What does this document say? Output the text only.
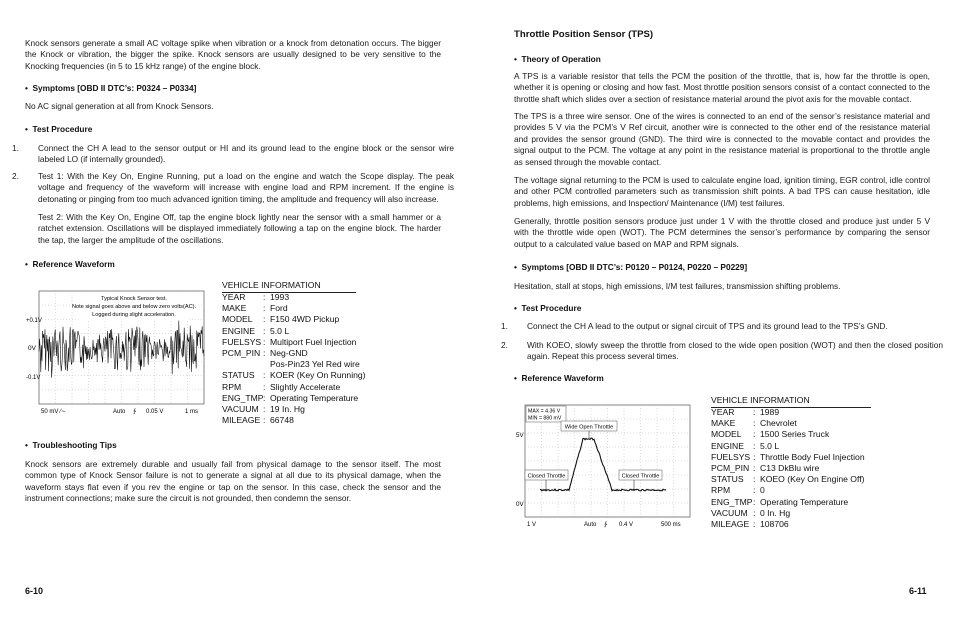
Knock sensors generate a small AC voltage spike when vibration or a knock from detonation occurs. The bigger the Knock or vibration, the bigger the spike. Knock sensors are usually designed to be very sensitive to the Knocking frequencies (in 5 to 15 kHz range) of the engine block.

•  Symptoms [OBD II DTC’s: P0324 – P0334]

No AC signal generation at all from Knock Sensors.

•  Test Procedure

1. Connect the CH A lead to the sensor output or HI and its ground lead to the engine block or the sensor wire labeled LO (if internally grounded).

2. Test 1: With the Key On, Engine Running, put a load on the engine and watch the Scope display. The peak voltage and frequency of the waveform will increase with engine load and RPM increment. If the engine is detonating or pinging from too much advanced ignition timing, the amplitude and frequency will also increase.

Test 2: With the Key On, Engine Off, tap the engine block lightly near the sensor with a small hammer or a ratchet extension. Oscillations will be displayed immediately following a tap on the engine block. The harder the tap, the larger the amplitude of the oscillations.

•  Reference Waveform

Typical Knock Sensor test.
Note signal goes above and below zero volts(AC).
Logged during slight acceleration.
+0.1V
0V
-0.1V
50 mV ⁄∼	Auto ∱ 0.05 V	1 ms
VEHICLE INFORMATION
YEAR : 1993
MAKE : Ford
MODEL : F150 4WD Pickup
ENGINE : 5.0 L
FUELSYS : Multiport Fuel Injection
PCM_PIN : Neg-GND
Pos-Pin23 Yel Red wire
STATUS : KOER (Key On Running)
RPM	: Slightly Accelerate
ENG_TMP: Operating Temperature
VACUUM : 19 In. Hg
MILEAGE : 66748

•  Troubleshooting Tips

Knock sensors are extremely durable and usually fail from physical damage to the sensor itself. The most common type of Knock Sensor failure is not to generate a signal at all due to its physical damage, when the waveform stays flat even if you rev the engine or tap on the sensor. In this case, check the sensor and the instrument connections; make sure the circuit is not grounded, then condemn the sensor.

6-10
Throttle Position Sensor (TPS)

•  Theory of Operation

A TPS is a variable resistor that tells the PCM the position of the throttle, that is, how far the throttle is open, whether it is opening or closing and how fast. Most throttle position sensors consist of a contact connected to the throttle shaft which slides over a section of resistance material around the pivot axis for the movable contact.

The TPS is a three wire sensor. One of the wires is connected to an end of the sensor’s resistance material and provides 5 V via the PCM’s V Ref circuit, another wire is connected to the other end of the resistance material and provides the sensor ground (GND). The third wire is connected to the movable contact and provides the signal output to the PCM. The voltage at any point in the resistance material is proportional to the throttle angle as sensed through the movable contact.

The voltage signal returning to the PCM is used to calculate engine load, ignition timing, EGR control, idle control and other PCM controlled parameters such as transmission shift points. A bad TPS can cause hesitation, idle problems, high emissions, and Inspection/ Maintenance (I/M) test failures.

Generally, throttle position sensors produce just under 1 V with the throttle closed and produce just under 5 V with the throttle wide open (WOT). The PCM determines the sensor’s performance by comparing the sensor output to a calculated value based on MAP and RPM signals.

•  Symptoms [OBD II DTC’s: P0120 – P0124, P0220 – P0229]

Hesitation, stall at stops, high emissions, I/M test failures, transmission shifting problems.

•  Test Procedure

1. Connect the CH A lead to the output or signal circuit of TPS and its ground lead to the TPS’s GND.

2. With KOEO, slowly sweep the throttle from closed to the wide open position (WOT) and then the closed position again. Repeat this process several times.

•  Reference Waveform

MAX = 4.36 V
MIN = 880 mV
Wide Open Throttle
Closed Throttle	Closed Throttle
5V
0V
1 V	Auto ∱ 0.4 V	500 ms
VEHICLE INFORMATION
YEAR : 1989
MAKE : Chevrolet
MODEL : 1500 Series Truck
ENGINE : 5.0 L
FUELSYS : Throttle Body Fuel Injection
PCM_PIN : C13 DkBlu wire
STATUS : KOEO (Key On Engine Off)
RPM	: 0
ENG_TMP: Operating Temperature
VACUUM : 0 In. Hg
MILEAGE : 108706
6-11
